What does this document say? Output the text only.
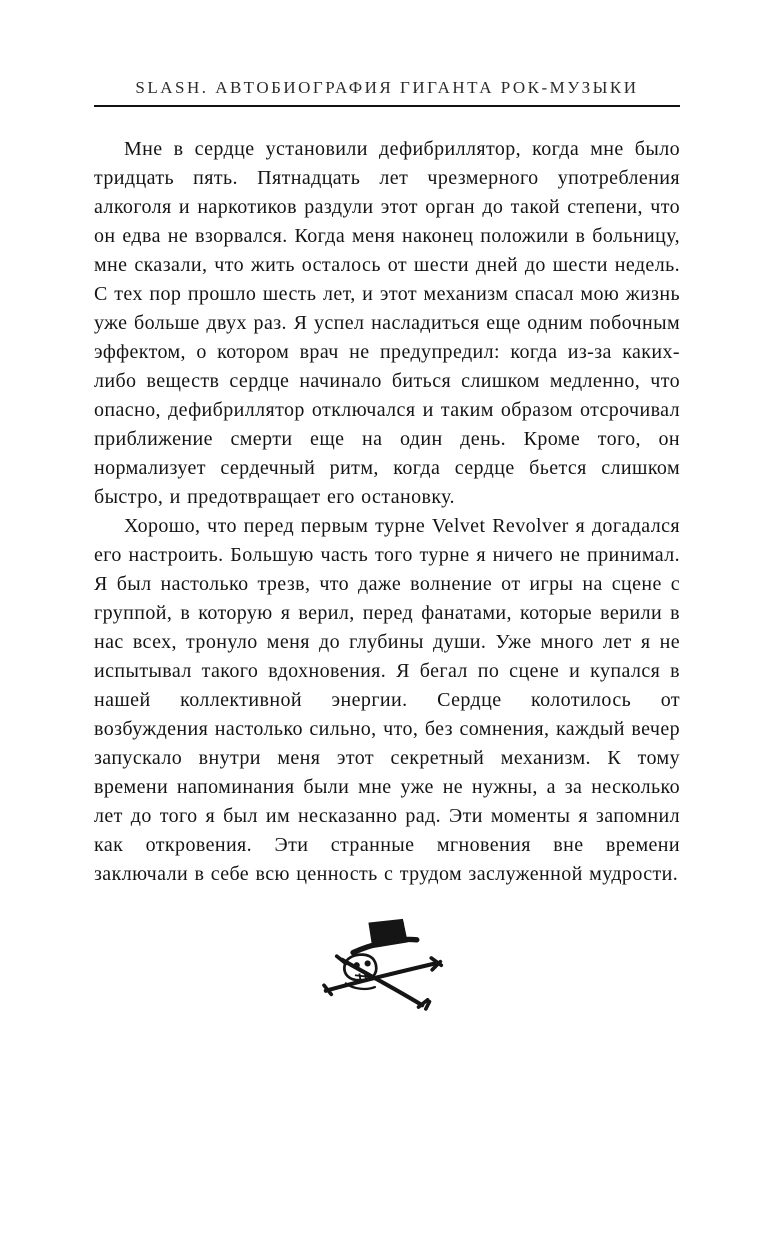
SLASH. АВТОБИОГРАФИЯ ГИГАНТА РОК-МУЗЫКИ

Мне в сердце установили дефибриллятор, когда мне было тридцать пять. Пятнадцать лет чрезмерного употребления алкоголя и наркотиков раздули этот орган до такой степени, что он едва не взорвался. Когда меня наконец положили в больницу, мне сказали, что жить осталось от шести дней до шести недель. С тех пор прошло шесть лет, и этот механизм спасал мою жизнь уже больше двух раз. Я успел насладиться еще одним побочным эффектом, о котором врач не предупредил: когда из-за каких-либо веществ сердце начинало биться слишком медленно, что опасно, дефибриллятор отключался и таким образом отсрочивал приближение смерти еще на один день. Кроме того, он нормализует сердечный ритм, когда сердце бьется слишком быстро, и предотвращает его остановку.

Хорошо, что перед первым турне Velvet Revolver я догадался его настроить. Большую часть того турне я ничего не принимал. Я был настолько трезв, что даже волнение от игры на сцене с группой, в которую я верил, перед фанатами, которые верили в нас всех, тронуло меня до глубины души. Уже много лет я не испытывал такого вдохновения. Я бегал по сцене и купался в нашей коллективной энергии. Сердце колотилось от возбуждения настолько сильно, что, без сомнения, каждый вечер запускало внутри меня этот секретный механизм. К тому времени напоминания были мне уже не нужны, а за несколько лет до того я был им несказанно рад. Эти моменты я запомнил как откровения. Эти странные мгновения вне времени заключали в себе всю ценность с трудом заслуженной мудрости.
